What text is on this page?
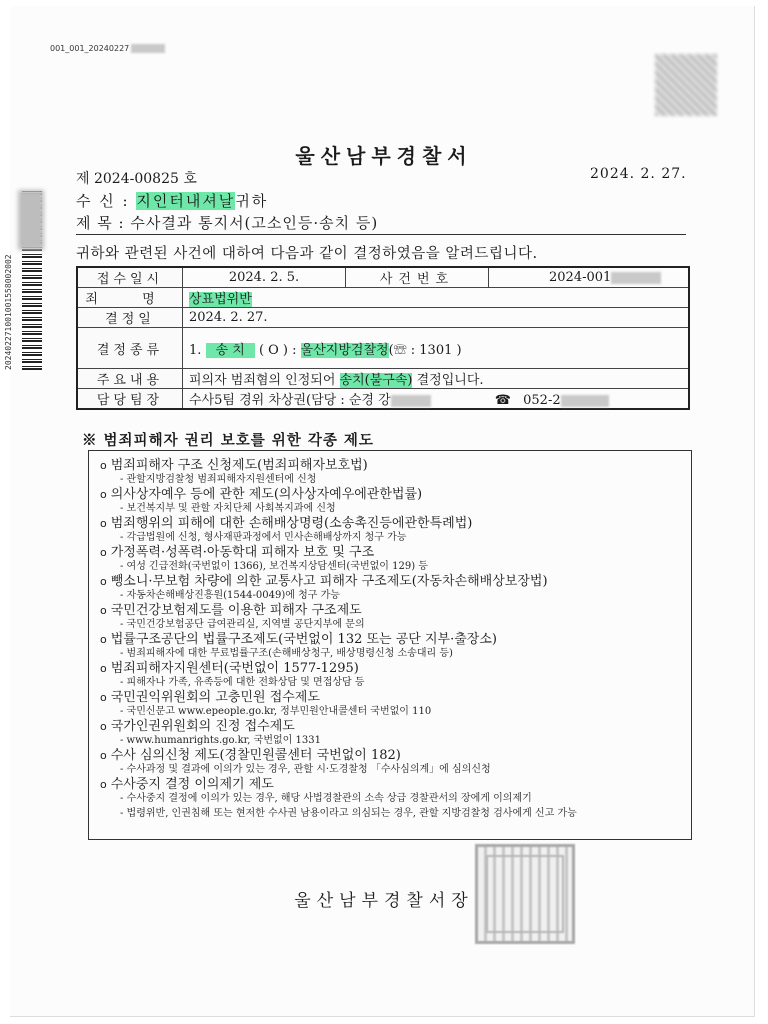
001_001_20240227
202402271001001558002002
울산남부경찰서
제 2024-00825 호	2024. 2. 27.
수 신 : 지인터내셔날귀하
제 목 : 수사결과 통지서(고소인등·송치 등)
귀하와 관련된 사건에 대하여 다음과 같이 결정하였음을 알려드립니다.
접수일시	2024. 2. 5.	사건번호	2024-001
죄 명	상표법위반		
결정일	2024. 2. 27.		
결정종류	1. 송 치 ( O ) : 울산지방검찰청(☏ : 1301 )		
주요내용	피의자 범죄혐의 인정되어 송치(불구속) 결정입니다.		
담당팀장	수사5팀 경위 차상권(담당 : 순경 강 ☎ 052-2		
※ 범죄피해자 권리 보호를 위한 각종 제도
o 범죄피해자 구조 신청제도(범죄피해자보호법)
- 관할지방검찰청 범죄피해자지원센터에 신청
o 의사상자예우 등에 관한 제도(의사상자예우에관한법률)
- 보건복지부 및 관할 자치단체 사회복지과에 신청
o 범죄행위의 피해에 대한 손해배상명령(소송촉진등에관한특례법)
- 각급법원에 신청, 형사재판과정에서 민사손해배상까지 청구 가능
o 가정폭력·성폭력·아동학대 피해자 보호 및 구조
- 여성 긴급전화(국번없이 1366), 보건복지상담센터(국번없이 129) 등
o 뺑소니·무보험 차량에 의한 교통사고 피해자 구조제도(자동차손해배상보장법)
- 자동차손해배상진흥원(1544-0049)에 청구 가능
o 국민건강보험제도를 이용한 피해자 구조제도
- 국민건강보험공단 급여관리실, 지역별 공단지부에 문의
o 법률구조공단의 법률구조제도(국번없이 132 또는 공단 지부·출장소)
- 범죄피해자에 대한 무료법률구조(손해배상청구, 배상명령신청 소송대리 등)
o 범죄피해자지원센터(국번없이 1577-1295)
- 피해자나 가족, 유족등에 대한 전화상담 및 면접상담 등
o 국민권익위원회의 고충민원 접수제도
- 국민신문고 www.epeople.go.kr, 정부민원안내콜센터 국번없이 110
o 국가인권위원회의 진정 접수제도
- www.humanrights.go.kr, 국번없이 1331
o 수사 심의신청 제도(경찰민원콜센터 국번없이 182)
- 수사과정 및 결과에 이의가 있는 경우, 관할 시·도경찰청 「수사심의계」에 심의신청
o 수사중지 결정 이의제기 제도
- 수사중지 결정에 이의가 있는 경우, 해당 사법경찰관의 소속 상급 경찰관서의 장에게 이의제기
- 법령위반, 인권침해 또는 현저한 수사권 남용이라고 의심되는 경우, 관할 지방검찰청 검사에게 신고 가능
울산남부경찰서장
